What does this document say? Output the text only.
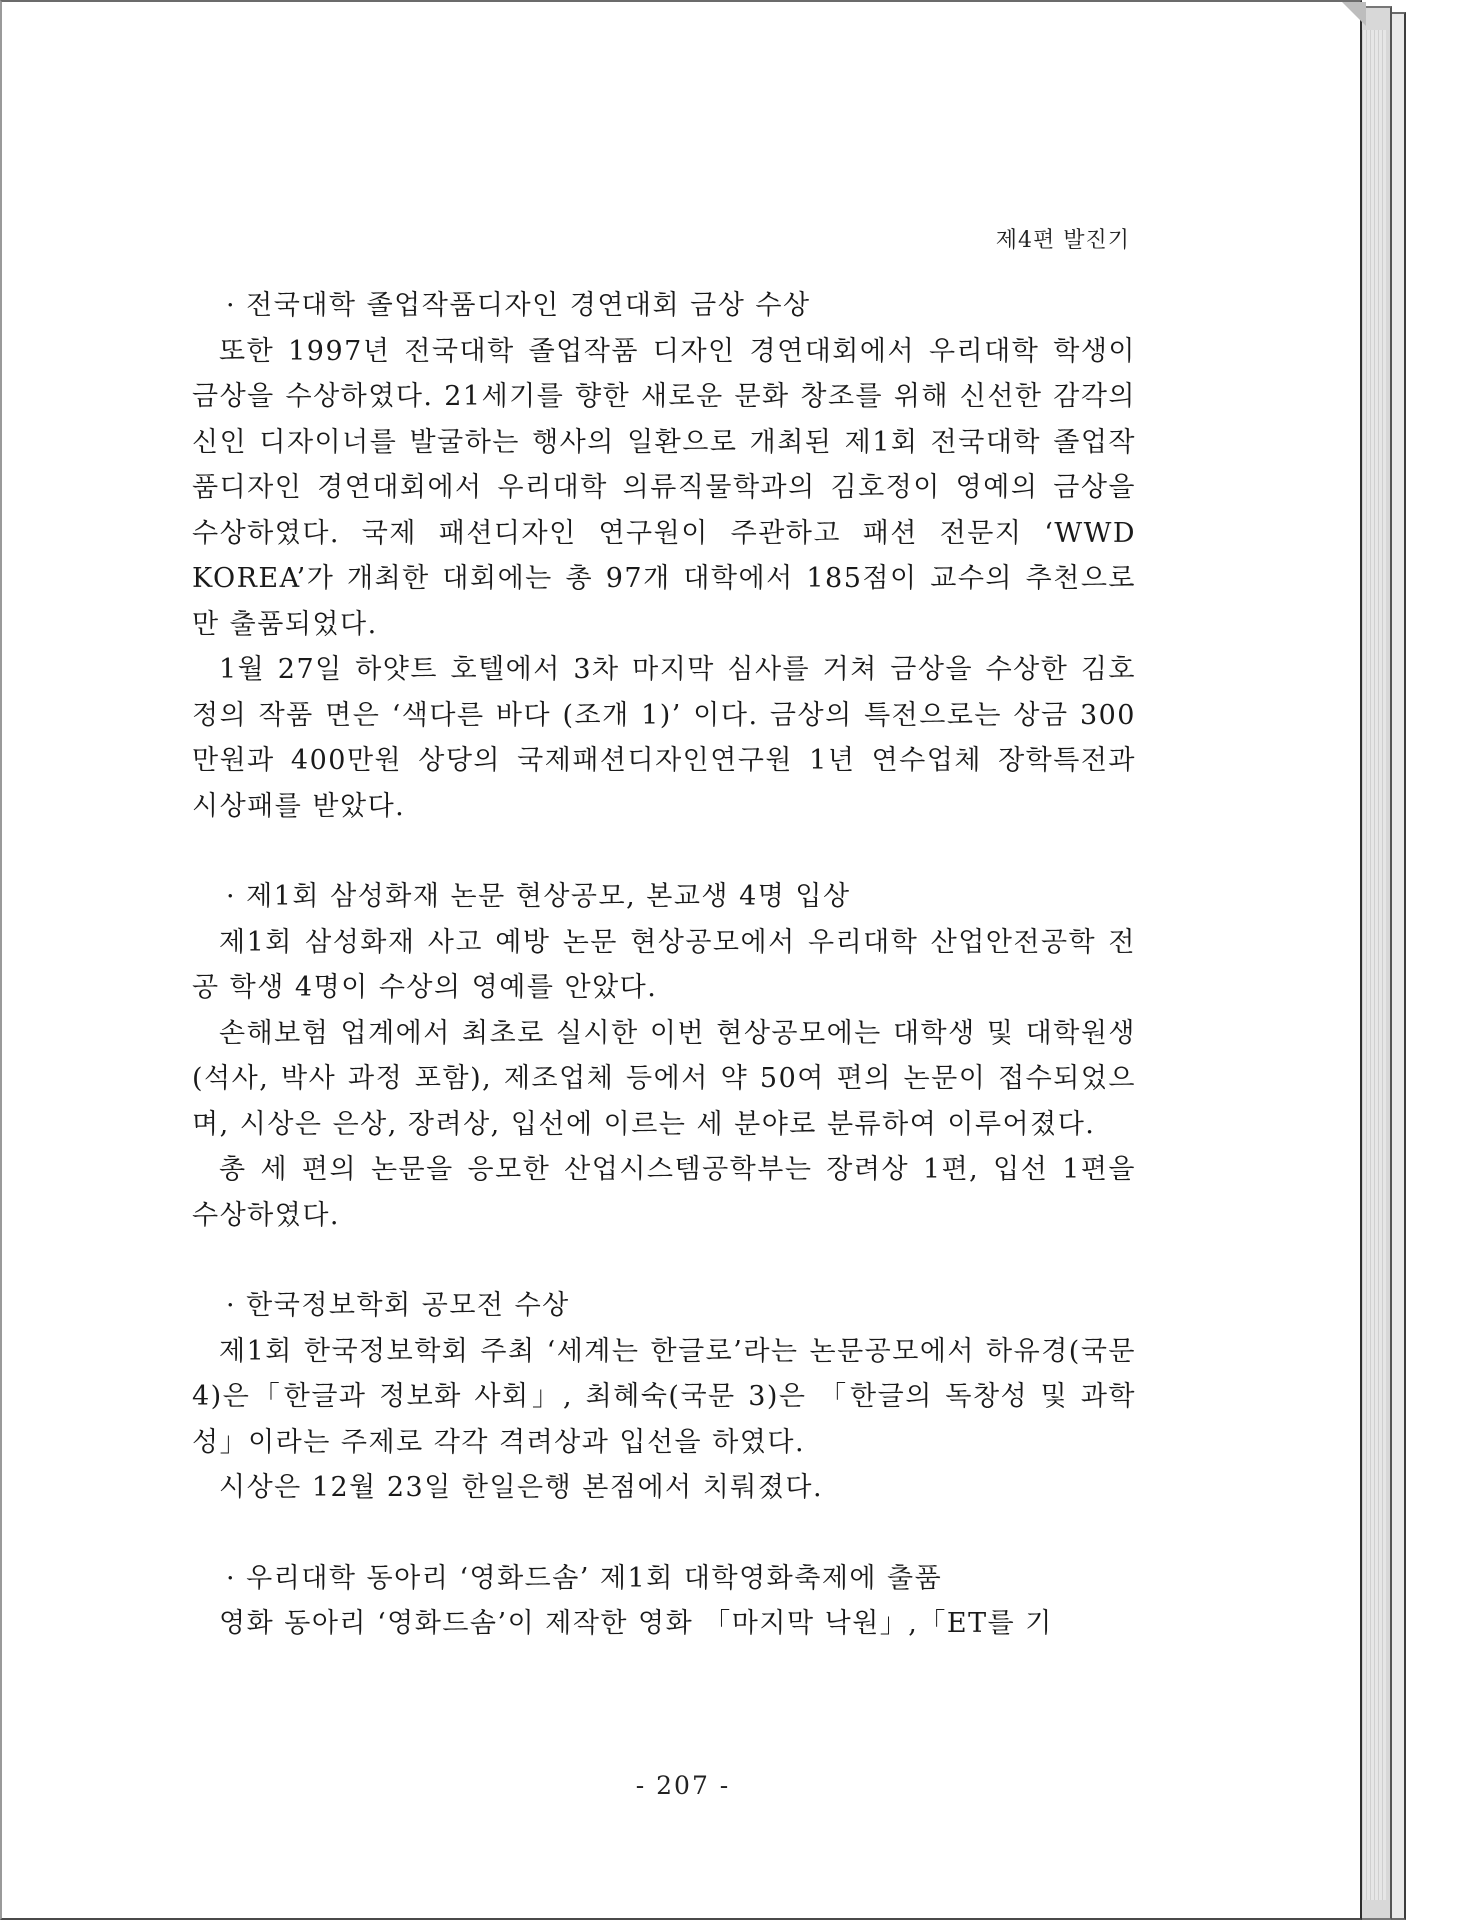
제4편 발진기

· 전국대학 졸업작품디자인 경연대회 금상 수상

또한 1997년 전국대학 졸업작품 디자인 경연대회에서 우리대학 학생이 금상을 수상하였다. 21세기를 향한 새로운 문화 창조를 위해 신선한 감각의 신인 디자이너를 발굴하는 행사의 일환으로 개최된 제1회 전국대학 졸업작품디자인 경연대회에서 우리대학 의류직물학과의 김호정이 영예의 금상을 수상하였다. 국제 패션디자인 연구원이 주관하고 패션 전문지 ‘WWD KOREA’가 개최한 대회에는 총 97개 대학에서 185점이 교수의 추천으로만 출품되었다.

1월 27일 하얏트 호텔에서 3차 마지막 심사를 거쳐 금상을 수상한 김호정의 작품 면은 ‘색다른 바다 (조개 1)’ 이다. 금상의 특전으로는 상금 300만원과 400만원 상당의 국제패션디자인연구원 1년 연수업체 장학특전과 시상패를 받았다.

· 제1회 삼성화재 논문 현상공모, 본교생 4명 입상

제1회 삼성화재 사고 예방 논문 현상공모에서 우리대학 산업안전공학 전공 학생 4명이 수상의 영예를 안았다.

손해보험 업계에서 최초로 실시한 이번 현상공모에는 대학생 및 대학원생(석사, 박사 과정 포함), 제조업체 등에서 약 50여 편의 논문이 접수되었으며, 시상은 은상, 장려상, 입선에 이르는 세 분야로 분류하여 이루어졌다.

총 세 편의 논문을 응모한 산업시스템공학부는 장려상 1편, 입선 1편을 수상하였다.

· 한국정보학회 공모전 수상

제1회 한국정보학회 주최 ‘세계는 한글로’라는 논문공모에서 하유경(국문 4)은「한글과 정보화 사회」, 최혜숙(국문 3)은 「한글의 독창성 및 과학성」이라는 주제로 각각 격려상과 입선을 하였다.

시상은 12월 23일 한일은행 본점에서 치뤄졌다.

· 우리대학 동아리 ‘영화드솜’ 제1회 대학영화축제에 출품

영화 동아리 ‘영화드솜’이 제작한 영화 「마지막 낙원」,「ET를 기

- 207 -
